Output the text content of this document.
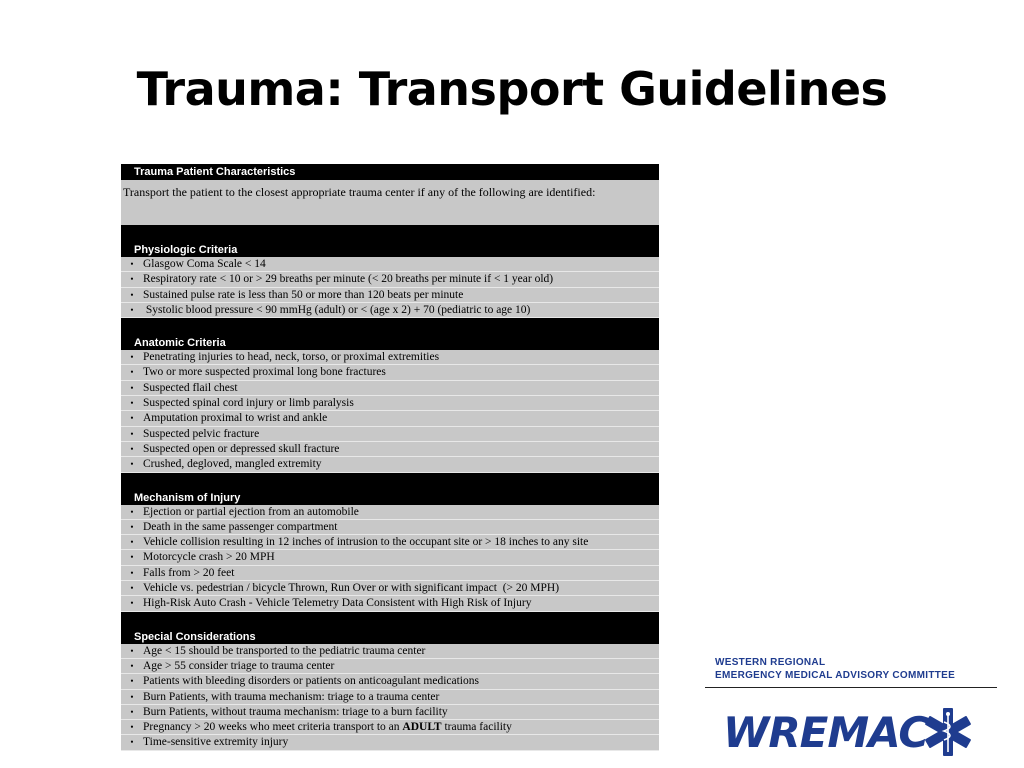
Trauma: Transport Guidelines
Trauma Patient Characteristics
Transport the patient to the closest appropriate trauma center if any of the following are identified:
Physiologic Criteria
• Glasgow Coma Scale < 14
• Respiratory rate < 10 or > 29 breaths per minute (< 20 breaths per minute if < 1 year old)
• Sustained pulse rate is less than 50 or more than 120 beats per minute
• Systolic blood pressure < 90 mmHg (adult) or < (age x 2) + 70 (pediatric to age 10)
Anatomic Criteria
• Penetrating injuries to head, neck, torso, or proximal extremities
• Two or more suspected proximal long bone fractures
• Suspected flail chest
• Suspected spinal cord injury or limb paralysis
• Amputation proximal to wrist and ankle
• Suspected pelvic fracture
• Suspected open or depressed skull fracture
• Crushed, degloved, mangled extremity
Mechanism of Injury
• Ejection or partial ejection from an automobile
• Death in the same passenger compartment
• Vehicle collision resulting in 12 inches of intrusion to the occupant site or > 18 inches to any site
• Motorcycle crash > 20 MPH
• Falls from > 20 feet
• Vehicle vs. pedestrian / bicycle Thrown, Run Over or with significant impact  (> 20 MPH)
• High-Risk Auto Crash - Vehicle Telemetry Data Consistent with High Risk of Injury
Special Considerations
• Age < 15 should be transported to the pediatric trauma center
• Age > 55 consider triage to trauma center
• Patients with bleeding disorders or patients on anticoagulant medications
• Burn Patients, with trauma mechanism: triage to a trauma center
• Burn Patients, without trauma mechanism: triage to a burn facility
• Pregnancy > 20 weeks who meet criteria transport to an ADULT trauma facility
• Time-sensitive extremity injury
WESTERN REGIONAL
EMERGENCY MEDICAL ADVISORY COMMITTEE
WREMAC
